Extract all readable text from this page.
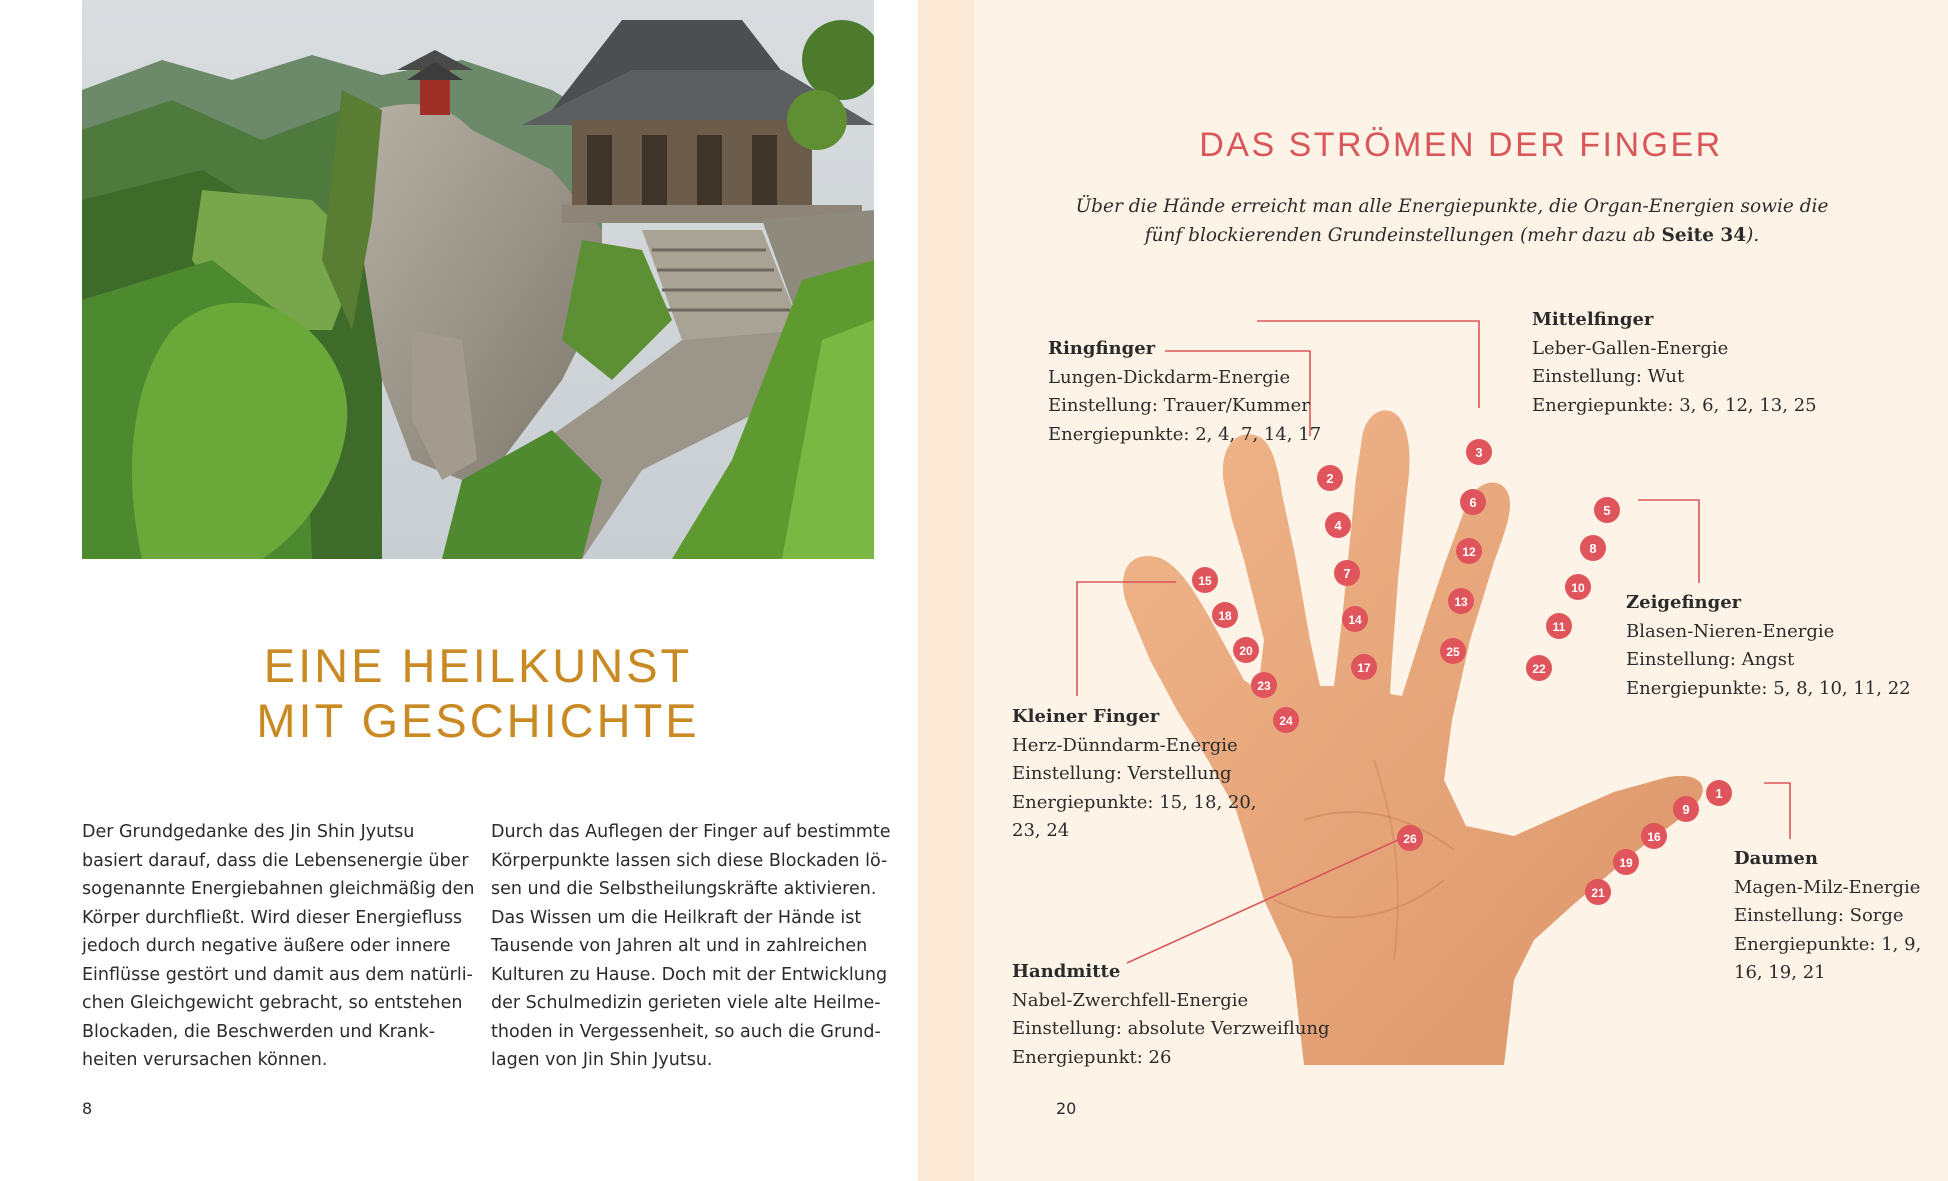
EINE HEILKUNST
MIT GESCHICHTE
Der Grundgedanke des Jin Shin Jyutsu
basiert darauf, dass die Lebensenergie über
sogenannte Energiebahnen gleichmäßig den
Körper durchfließt. Wird dieser Energiefluss
jedoch durch negative äußere oder innere
Einflüsse gestört und damit aus dem natürli-
chen Gleichgewicht gebracht, so entstehen
Blockaden, die Beschwerden und Krank-
heiten verursachen können.
Durch das Auflegen der Finger auf bestimmte
Körperpunkte lassen sich diese Blockaden lö-
sen und die Selbstheilungskräfte aktivieren.
Das Wissen um die Heilkraft der Hände ist
Tausende von Jahren alt und in zahlreichen
Kulturen zu Hause. Doch mit der Entwicklung
der Schulmedizin gerieten viele alte Heilme-
thoden in Vergessenheit, so auch die Grund-
lagen von Jin Shin Jyutsu.
8
DAS STRÖMEN DER FINGER
Über die Hände erreicht man alle Energiepunkte, die Organ-Energien sowie die
fünf blockierenden Grundeinstellungen (mehr dazu ab Seite 34).
1
2
3
4
5
6
7
8
9
10
11
12
13
14
15
16
17
18
19
20
21
22
23
24
25
26
Ringfinger
Lungen-Dickdarm-Energie
Einstellung: Trauer/Kummer
Energiepunkte: 2, 4, 7, 14, 17
Mittelfinger
Leber-Gallen-Energie
Einstellung: Wut
Energiepunkte: 3, 6, 12, 13, 25
Zeigefinger
Blasen-Nieren-Energie
Einstellung: Angst
Energiepunkte: 5, 8, 10, 11, 22
Kleiner Finger
Herz-Dünndarm-Energie
Einstellung: Verstellung
Energiepunkte: 15, 18, 20,
23, 24
Daumen
Magen-Milz-Energie
Einstellung: Sorge
Energiepunkte: 1, 9,
16, 19, 21
Handmitte
Nabel-Zwerchfell-Energie
Einstellung: absolute Verzweiflung
Energiepunkt: 26
20
